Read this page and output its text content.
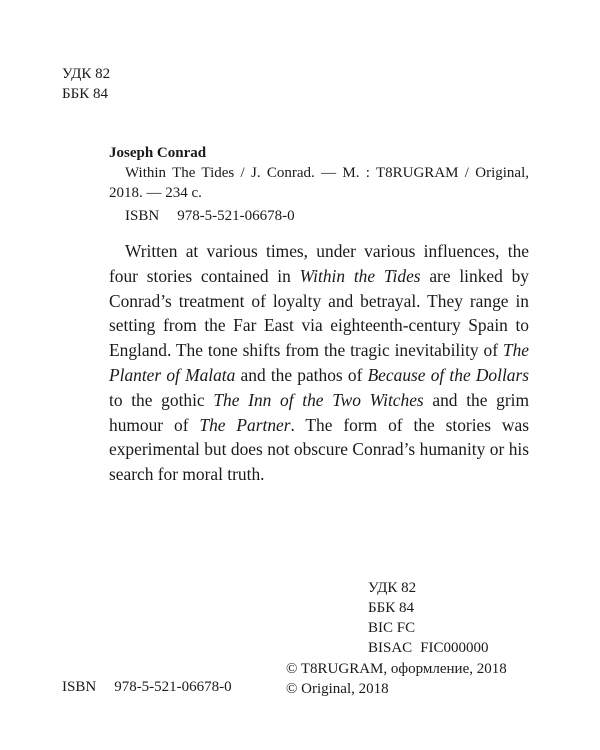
УДК 82
ББК 84
Joseph Conrad
Within The Tides / J. Conrad. — M. : T8RUGRAM / Original, 2018. — 234 c.
ISBN 978-5-521-06678-0
Written at various times, under various influences, the four stories contained in Within the Tides are linked by Conrad’s treatment of loyalty and betrayal. They range in setting from the Far East via eighteenth-century Spain to England. The tone shifts from the tragic inevitability of The Planter of Malata and the pathos of Because of the Dollars to the gothic The Inn of the Two Witches and the grim humour of The Partner. The form of the stories was experimental but does not obscure Conrad’s humanity or his search for moral truth.
УДК 82
ББК 84
BIC FC
BISAC FIC000000
© T8RUGRAM, оформление, 2018
© Original, 2018
ISBN 978-5-521-06678-0
